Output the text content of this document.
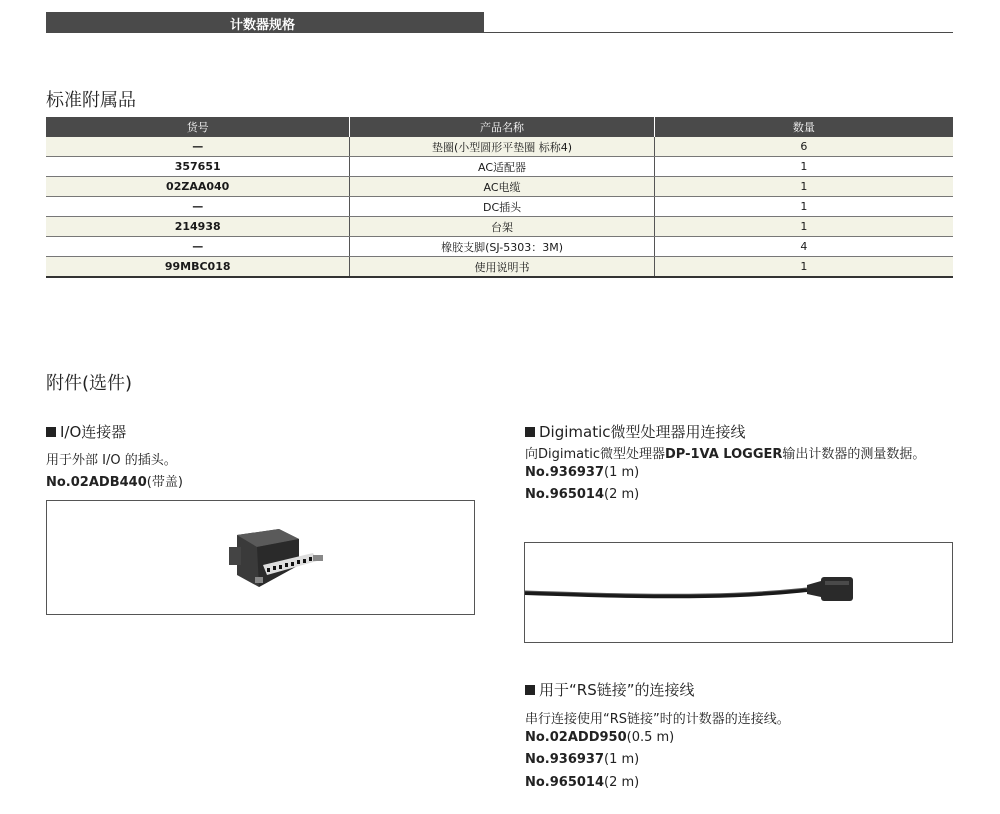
计数器规格
标准附属品
货号	产品名称	数量
—	垫圈(小型圆形平垫圈 标称4)	6
357651	AC适配器	1
02ZAA040	AC电缆	1
—	DC插头	1
214938	台架	1
—	橡胶支脚(SJ-5303：3M)	4
99MBC018	使用说明书	1
附件(选件)
I/O连接器
用于外部 I/O 的插头。
No.02ADB440(带盖)
Digimatic微型处理器用连接线
向Digimatic微型处理器DP-1VA LOGGER输出计数器的测量数据。
No.936937(1 m)
No.965014(2 m)
用于“RS链接”的连接线
串行连接使用“RS链接”时的计数器的连接线。
No.02ADD950(0.5 m)
No.936937(1 m)
No.965014(2 m)
